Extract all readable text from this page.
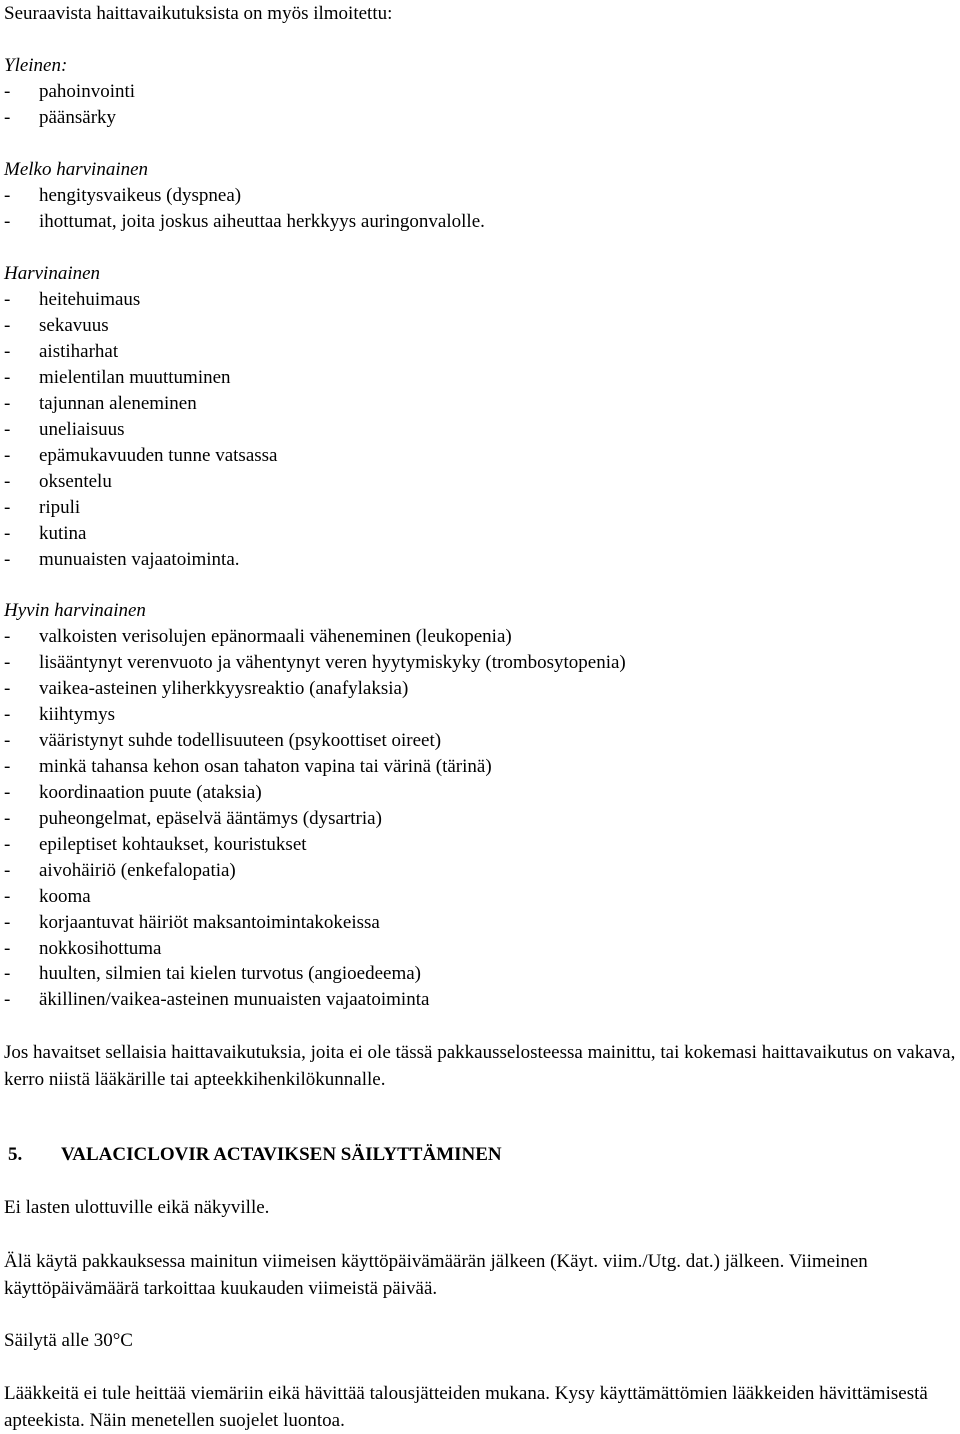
Seuraavista haittavaikutuksista on myös ilmoitettu:
Yleinen:
- pahoinvointi
- päänsärky
Melko harvinainen
- hengitysvaikeus (dyspnea)
- ihottumat, joita joskus aiheuttaa herkkyys auringonvalolle.
Harvinainen
- heitehuimaus
- sekavuus
- aistiharhat
- mielentilan muuttuminen
- tajunnan aleneminen
- uneliaisuus
- epämukavuuden tunne vatsassa
- oksentelu
- ripuli
- kutina
- munuaisten vajaatoiminta.
Hyvin harvinainen
- valkoisten verisolujen epänormaali väheneminen (leukopenia)
- lisääntynyt verenvuoto ja vähentynyt veren hyytymiskyky (trombosytopenia)
- vaikea-asteinen yliherkkyysreaktio (anafylaksia)
- kiihtymys
- vääristynyt suhde todellisuuteen (psykoottiset oireet)
- minkä tahansa kehon osan tahaton vapina tai värinä (tärinä)
- koordinaation puute (ataksia)
- puheongelmat, epäselvä ääntämys (dysartria)
- epileptiset kohtaukset, kouristukset
- aivohäiriö (enkefalopatia)
- kooma
- korjaantuvat häiriöt maksantoimintakokeissa
- nokkosihottuma
- huulten, silmien tai kielen turvotus (angioedeema)
- äkillinen/vaikea-asteinen munuaisten vajaatoiminta
Jos havaitset sellaisia haittavaikutuksia, joita ei ole tässä pakkausselosteessa mainittu, tai kokemasi haittavaikutus on vakava, kerro niistä lääkärille tai apteekkihenkilökunnalle.
5. VALACICLOVIR ACTAVIKSEN SÄILYTTÄMINEN
Ei lasten ulottuville eikä näkyville.
Älä käytä pakkauksessa mainitun viimeisen käyttöpäivämäärän jälkeen (Käyt. viim./Utg. dat.) jälkeen. Viimeinen käyttöpäivämäärä tarkoittaa kuukauden viimeistä päivää.
Säilytä alle 30°C
Lääkkeitä ei tule heittää viemäriin eikä hävittää talousjätteiden mukana. Kysy käyttämättömien lääkkeiden hävittämisestä apteekista. Näin menetellen suojelet luontoa.
